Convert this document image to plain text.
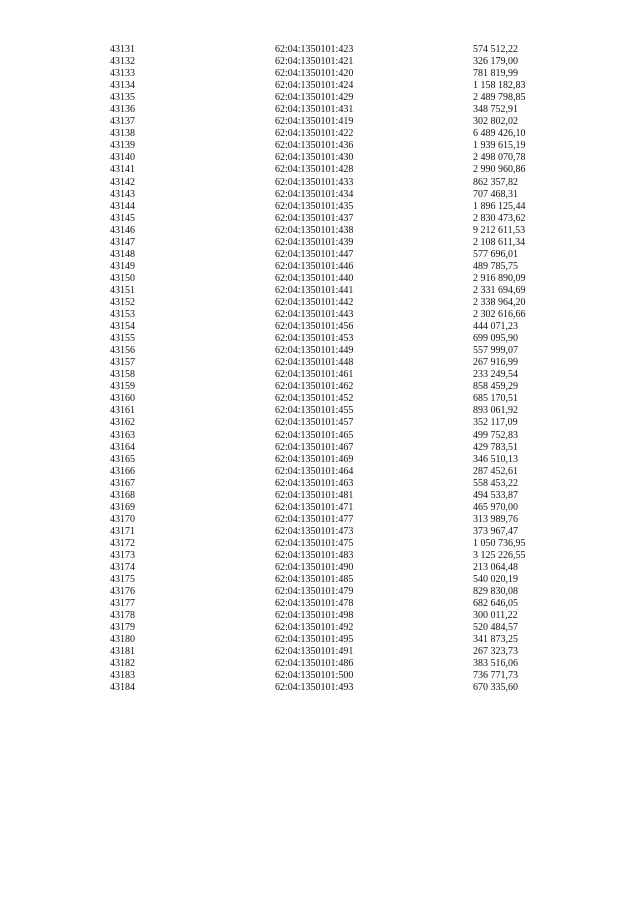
43131	62:04:1350101:423	574 512,22
43132	62:04:1350101:421	326 179,00
43133	62:04:1350101:420	781 819,99
43134	62:04:1350101:424	1 158 182,83
43135	62:04:1350101:429	2 489 798,85
43136	62:04:1350101:431	348 752,91
43137	62:04:1350101:419	302 802,02
43138	62:04:1350101:422	6 489 426,10
43139	62:04:1350101:436	1 939 615,19
43140	62:04:1350101:430	2 498 070,78
43141	62:04:1350101:428	2 990 960,86
43142	62:04:1350101:433	862 357,82
43143	62:04:1350101:434	707 468,31
43144	62:04:1350101:435	1 896 125,44
43145	62:04:1350101:437	2 830 473,62
43146	62:04:1350101:438	9 212 611,53
43147	62:04:1350101:439	2 108 611,34
43148	62:04:1350101:447	577 696,01
43149	62:04:1350101:446	489 785,75
43150	62:04:1350101:440	2 916 890,09
43151	62:04:1350101:441	2 331 694,69
43152	62:04:1350101:442	2 338 964,20
43153	62:04:1350101:443	2 302 616,66
43154	62:04:1350101:456	444 071,23
43155	62:04:1350101:453	699 095,90
43156	62:04:1350101:449	557 999,07
43157	62:04:1350101:448	267 916,99
43158	62:04:1350101:461	233 249,54
43159	62:04:1350101:462	858 459,29
43160	62:04:1350101:452	685 170,51
43161	62:04:1350101:455	893 061,92
43162	62:04:1350101:457	352 117,09
43163	62:04:1350101:465	499 752,83
43164	62:04:1350101:467	429 783,51
43165	62:04:1350101:469	346 510,13
43166	62:04:1350101:464	287 452,61
43167	62:04:1350101:463	558 453,22
43168	62:04:1350101:481	494 533,87
43169	62:04:1350101:471	465 970,00
43170	62:04:1350101:477	313 989,76
43171	62:04:1350101:473	373 967,47
43172	62:04:1350101:475	1 050 736,95
43173	62:04:1350101:483	3 125 226,55
43174	62:04:1350101:490	213 064,48
43175	62:04:1350101:485	540 020,19
43176	62:04:1350101:479	829 830,08
43177	62:04:1350101:478	682 646,05
43178	62:04:1350101:498	300 011,22
43179	62:04:1350101:492	520 484,57
43180	62:04:1350101:495	341 873,25
43181	62:04:1350101:491	267 323,73
43182	62:04:1350101:486	383 516,06
43183	62:04:1350101:500	736 771,73
43184	62:04:1350101:493	670 335,60
